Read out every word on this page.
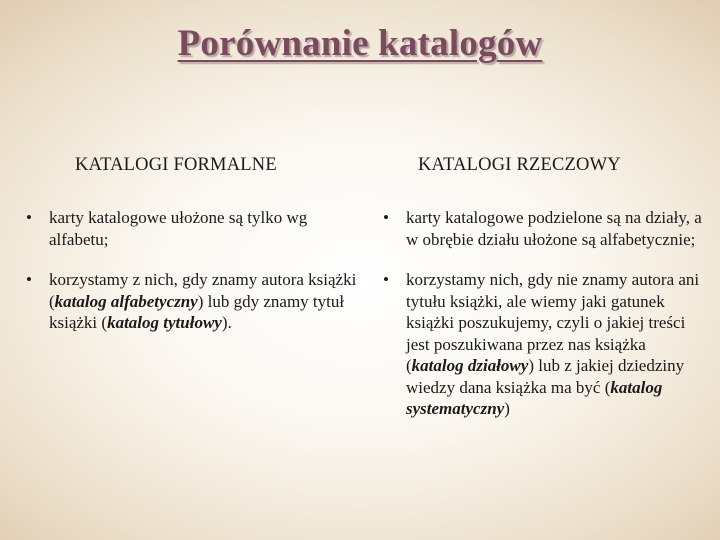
Porównanie katalogów
KATALOGI FORMALNE	KATALOGI RZECZOWY
• karty katalogowe ułożone są tylko wg alfabetu;
• korzystamy z nich, gdy znamy autora książki (katalog alfabetyczny) lub gdy znamy tytuł książki (katalog tytułowy).
• karty katalogowe podzielone są na działy, a w obrębie działu ułożone są alfabetycznie;
• korzystamy nich, gdy nie znamy autora ani tytułu książki, ale wiemy jaki gatunek książki poszukujemy, czyli o jakiej treści jest poszukiwana przez nas książka (katalog działowy) lub z jakiej dziedziny wiedzy dana książka ma być (katalog systematyczny)
